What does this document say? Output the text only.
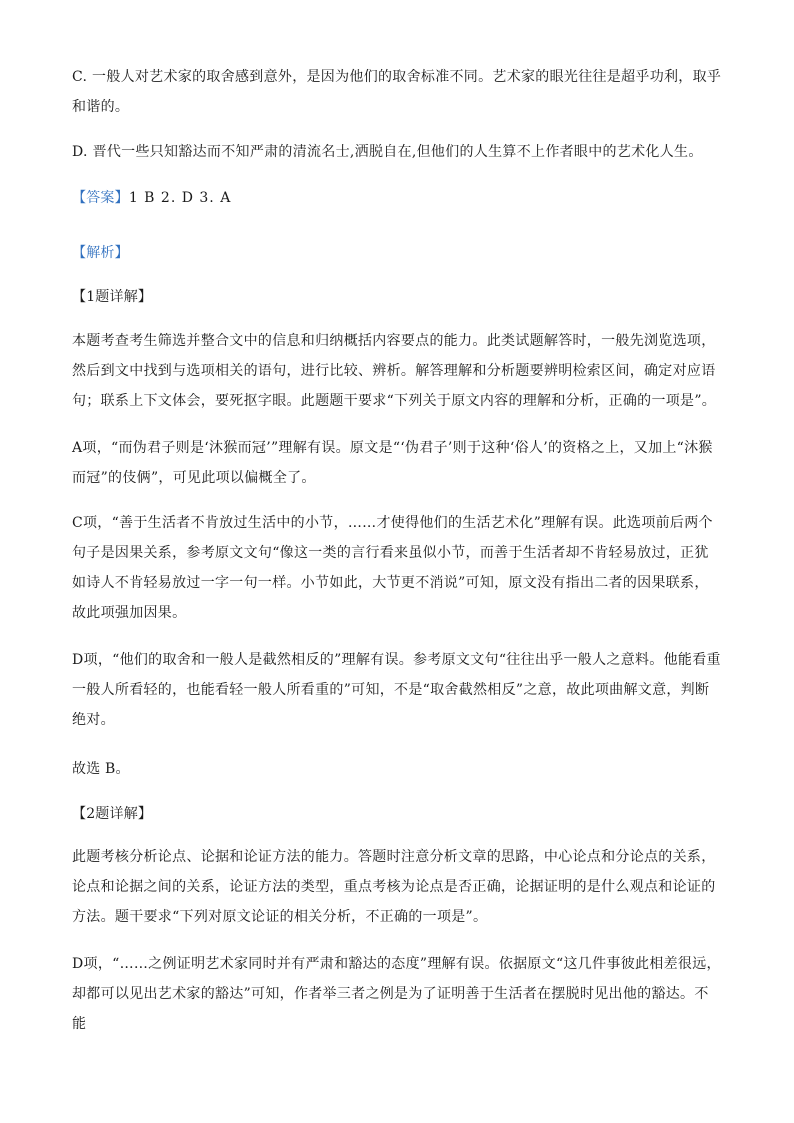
C. 一般人对艺术家的取舍感到意外，是因为他们的取舍标准不同。艺术家的眼光往往是超乎功利，取乎和谐的。
D. 晋代一些只知豁达而不知严肃的清流名士,洒脱自在,但他们的人生算不上作者眼中的艺术化人生。
【答案】1 B 2. D 3. A
【解析】
【1题详解】
本题考查考生筛选并整合文中的信息和归纳概括内容要点的能力。此类试题解答时，一般先浏览选项，然后到文中找到与选项相关的语句，进行比较、辨析。解答理解和分析题要辨明检索区间，确定对应语句；联系上下文体会，要死抠字眼。此题题干要求“下列关于原文内容的理解和分析，正确的一项是”。
A项，“而伪君子则是‘沐猴而冠’”理解有误。原文是“‘伪君子’则于这种‘俗人’的资格之上，又加上“沐猴而冠”的伎俩”，可见此项以偏概全了。
C项，“善于生活者不肯放过生活中的小节，……才使得他们的生活艺术化”理解有误。此选项前后两个句子是因果关系，参考原文文句“像这一类的言行看来虽似小节，而善于生活者却不肯轻易放过，正犹如诗人不肯轻易放过一字一句一样。小节如此，大节更不消说”可知，原文没有指出二者的因果联系，故此项强加因果。
D项，“他们的取舍和一般人是截然相反的”理解有误。参考原文文句“往往出乎一般人之意料。他能看重一般人所看轻的，也能看轻一般人所看重的”可知，不是“取舍截然相反”之意，故此项曲解文意，判断绝对。
故选 B。
【2题详解】
此题考核分析论点、论据和论证方法的能力。答题时注意分析文章的思路，中心论点和分论点的关系，论点和论据之间的关系，论证方法的类型，重点考核为论点是否正确，论据证明的是什么观点和论证的方法。题干要求“下列对原文论证的相关分析，不正确的一项是”。
D项，“……之例证明艺术家同时并有严肃和豁达的态度”理解有误。依据原文“这几件事彼此相差很远，却都可以见出艺术家的豁达”可知，作者举三者之例是为了证明善于生活者在摆脱时见出他的豁达。不能
